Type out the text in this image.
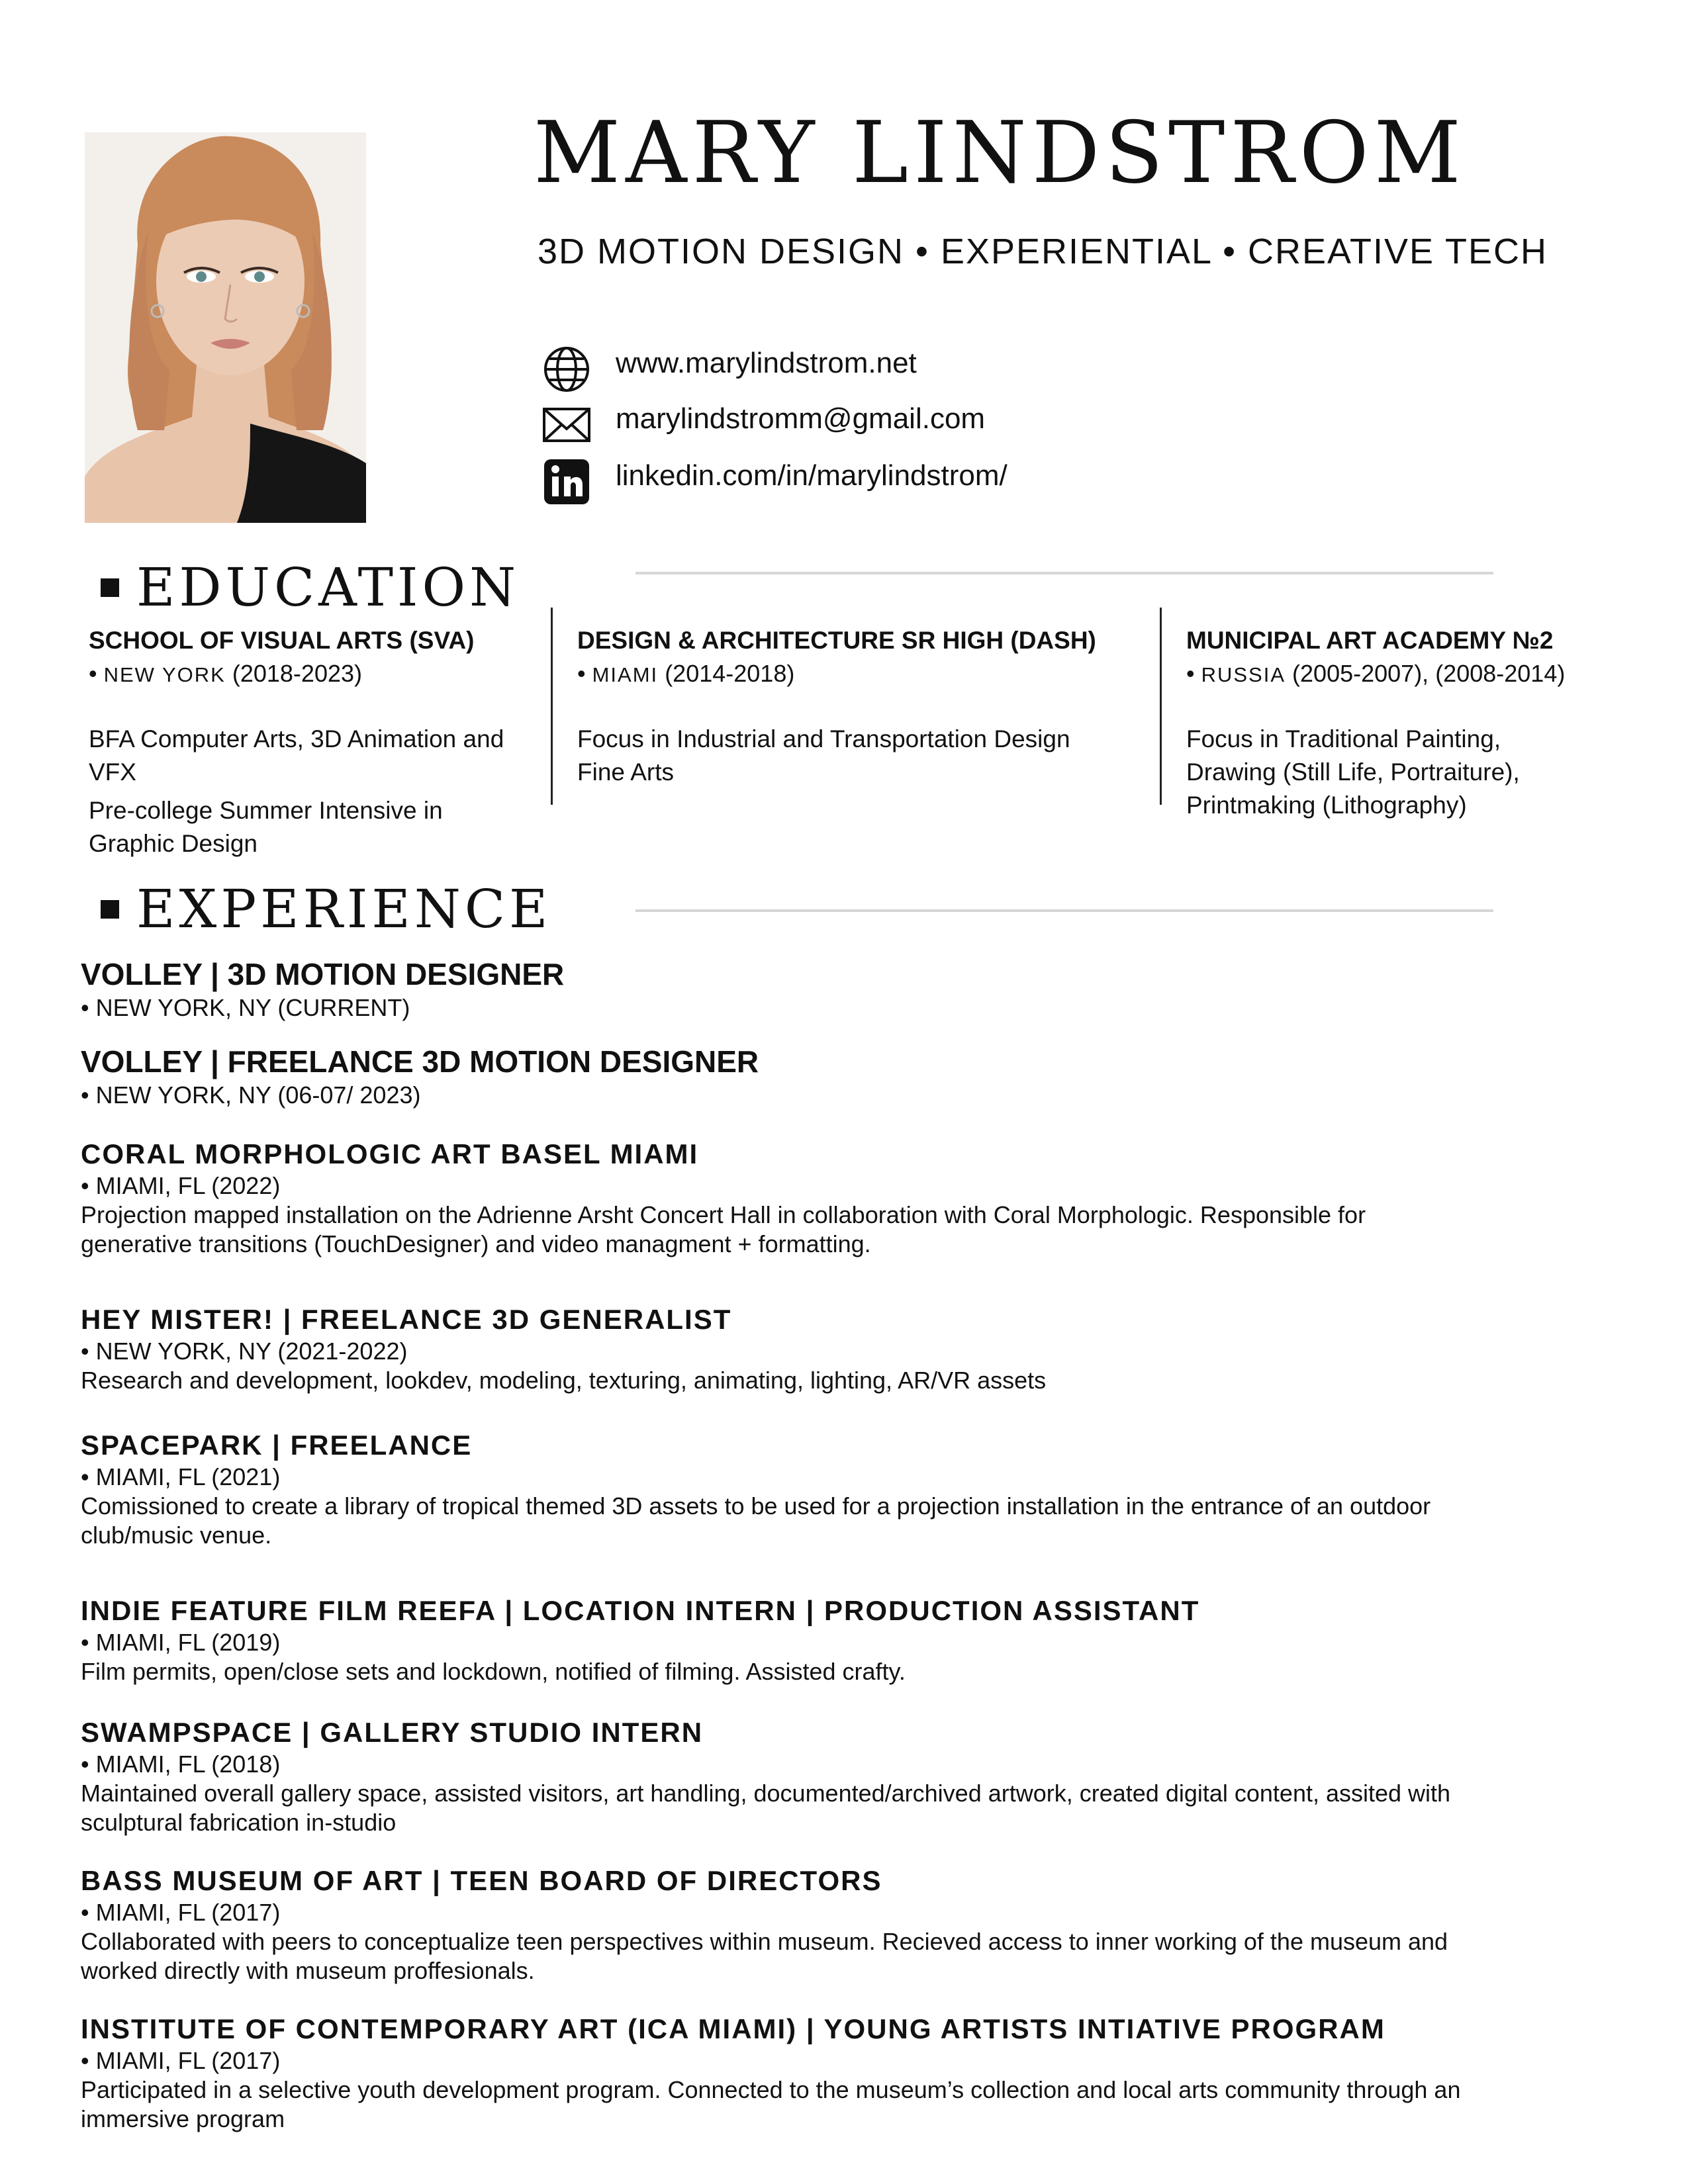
MARY LINDSTROM
3D MOTION DESIGN • EXPERIENTIAL • CREATIVE TECH
www.marylindstrom.net
marylindstromm@gmail.com
linkedin.com/in/marylindstrom/
EDUCATION
SCHOOL OF VISUAL ARTS (SVA)
• NEW YORK (2018-2023)
BFA Computer Arts, 3D Animation and
VFX
Pre-college Summer Intensive in
Graphic Design
DESIGN & ARCHITECTURE SR HIGH (DASH)
• MIAMI (2014-2018)
Focus in Industrial and Transportation Design
Fine Arts
MUNICIPAL ART ACADEMY №2
• RUSSIA (2005-2007), (2008-2014)
Focus in Traditional Painting,
Drawing (Still Life, Portraiture),
Printmaking (Lithography)
EXPERIENCE
VOLLEY | 3D MOTION DESIGNER
• NEW YORK, NY (CURRENT)
VOLLEY | FREELANCE 3D MOTION DESIGNER
• NEW YORK, NY (06-07/ 2023)
CORAL MORPHOLOGIC ART BASEL MIAMI
• MIAMI, FL (2022)
Projection mapped installation on the Adrienne Arsht Concert Hall in collaboration with Coral Morphologic. Responsible for
generative transitions (TouchDesigner) and video managment + formatting.
HEY MISTER! | FREELANCE 3D GENERALIST
• NEW YORK, NY (2021-2022)
Research and development, lookdev, modeling, texturing, animating, lighting, AR/VR assets
SPACEPARK | FREELANCE
• MIAMI, FL (2021)
Comissioned to create a library of tropical themed 3D assets to be used for a projection installation in the entrance of an outdoor
club/music venue.
INDIE FEATURE FILM REEFA | LOCATION INTERN | PRODUCTION ASSISTANT
• MIAMI, FL (2019)
Film permits, open/close sets and lockdown, notified of filming. Assisted crafty.
SWAMPSPACE | GALLERY STUDIO INTERN
• MIAMI, FL (2018)
Maintained overall gallery space, assisted visitors, art handling, documented/archived artwork, created digital content, assited with
sculptural fabrication in-studio
BASS MUSEUM OF ART | TEEN BOARD OF DIRECTORS
• MIAMI, FL (2017)
Collaborated with peers to conceptualize teen perspectives within museum. Recieved access to inner working of the museum and
worked directly with museum proffesionals.
INSTITUTE OF CONTEMPORARY ART (ICA MIAMI) | YOUNG ARTISTS INTIATIVE PROGRAM
• MIAMI, FL (2017)
Participated in a selective youth development program. Connected to the museum’s collection and local arts community through an
immersive program
